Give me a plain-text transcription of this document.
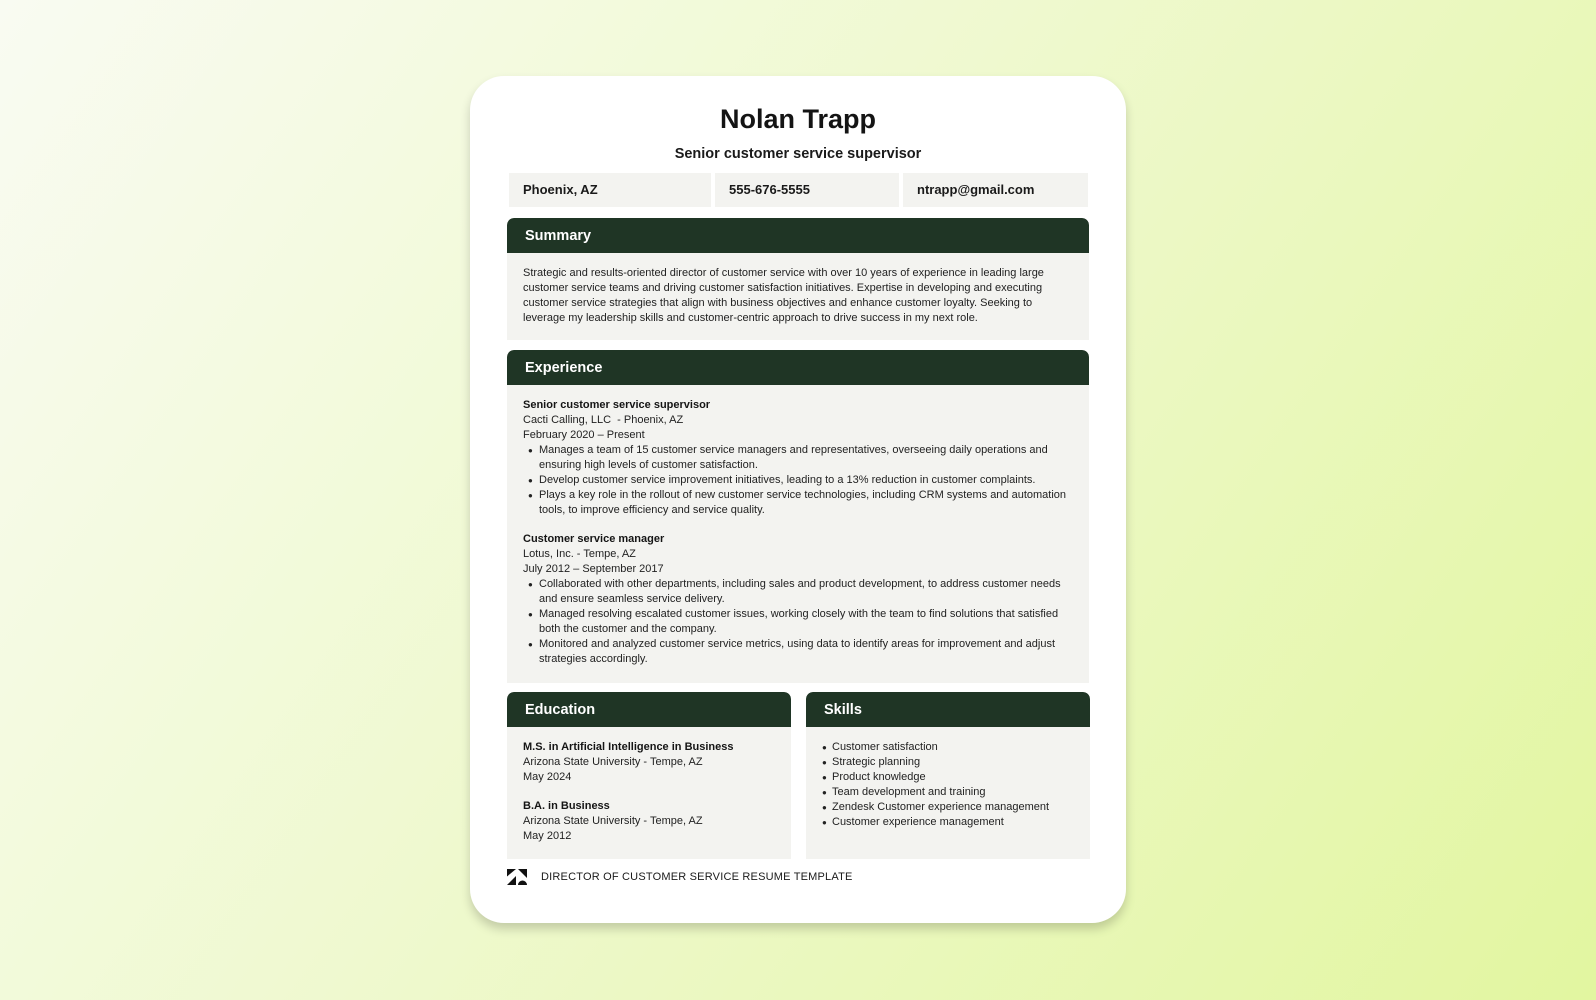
Nolan Trapp
Senior customer service supervisor
Phoenix, AZ	555-676-5555	ntrapp@gmail.com
Summary
Strategic and results-oriented director of customer service with over 10 years of experience in leading large customer service teams and driving customer satisfaction initiatives. Expertise in developing and executing customer service strategies that align with business objectives and enhance customer loyalty. Seeking to leverage my leadership skills and customer-centric approach to drive success in my next role.
Experience
Senior customer service supervisor
Cacti Calling, LLC  - Phoenix, AZ
February 2020 – Present
● Manages a team of 15 customer service managers and representatives, overseeing daily operations and ensuring high levels of customer satisfaction.
● Develop customer service improvement initiatives, leading to a 13% reduction in customer complaints.
● Plays a key role in the rollout of new customer service technologies, including CRM systems and automation tools, to improve efficiency and service quality.
Customer service manager
Lotus, Inc. - Tempe, AZ
July 2012 – September 2017
● Collaborated with other departments, including sales and product development, to address customer needs and ensure seamless service delivery.
● Managed resolving escalated customer issues, working closely with the team to find solutions that satisfied both the customer and the company.
● Monitored and analyzed customer service metrics, using data to identify areas for improvement and adjust strategies accordingly.
Education
M.S. in Artificial Intelligence in Business
Arizona State University - Tempe, AZ
May 2024
B.A. in Business
Arizona State University - Tempe, AZ
May 2012
Skills
● Customer satisfaction
● Strategic planning
● Product knowledge
● Team development and training
● Zendesk Customer experience management
● Customer experience management
DIRECTOR OF CUSTOMER SERVICE RESUME TEMPLATE
